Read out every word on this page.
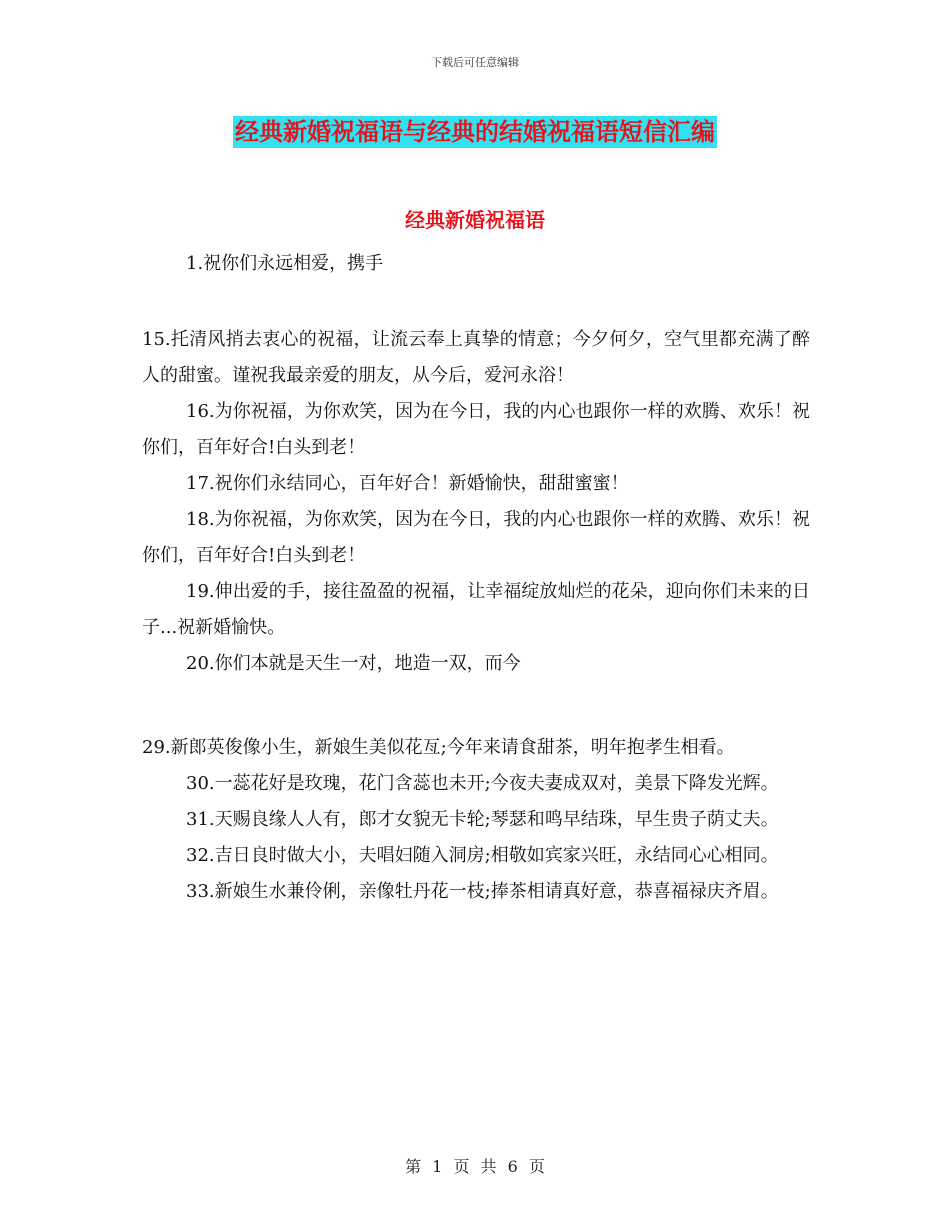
下载后可任意编辑
经典新婚祝福语与经典的结婚祝福语短信汇编
经典新婚祝福语

1.祝你们永远相爱，携手

15.托清风捎去衷心的祝福，让流云奉上真挚的情意；今夕何夕，空气里都充满了醉人的甜蜜。谨祝我最亲爱的朋友，从今后，爱河永浴！

16.为你祝福，为你欢笑，因为在今日，我的内心也跟你一样的欢腾、欢乐！祝你们，百年好合!白头到老！

17.祝你们永结同心，百年好合！新婚愉快，甜甜蜜蜜！

18.为你祝福，为你欢笑，因为在今日，我的内心也跟你一样的欢腾、欢乐！祝你们，百年好合!白头到老！

19.伸出爱的手，接往盈盈的祝福，让幸福绽放灿烂的花朵，迎向你们未来的日子...祝新婚愉快。

20.你们本就是天生一对，地造一双，而今

29.新郎英俊像小生，新娘生美似花亙;今年来请食甜茶，明年抱孝生相看。

30.一蕊花好是玫瑰，花门含蕊也未开;今夜夫妻成双对，美景下降发光辉。

31.天赐良缘人人有，郎才女貌无卡轮;琴瑟和鸣早结珠，早生贵子荫丈夫。

32.吉日良时做大小，夫唱妇随入洞房;相敬如宾家兴旺，永结同心心相同。

33.新娘生水兼伶俐，亲像牡丹花一枝;捧茶相请真好意，恭喜福禄庆齐眉。

第 1 页 共 6 页
